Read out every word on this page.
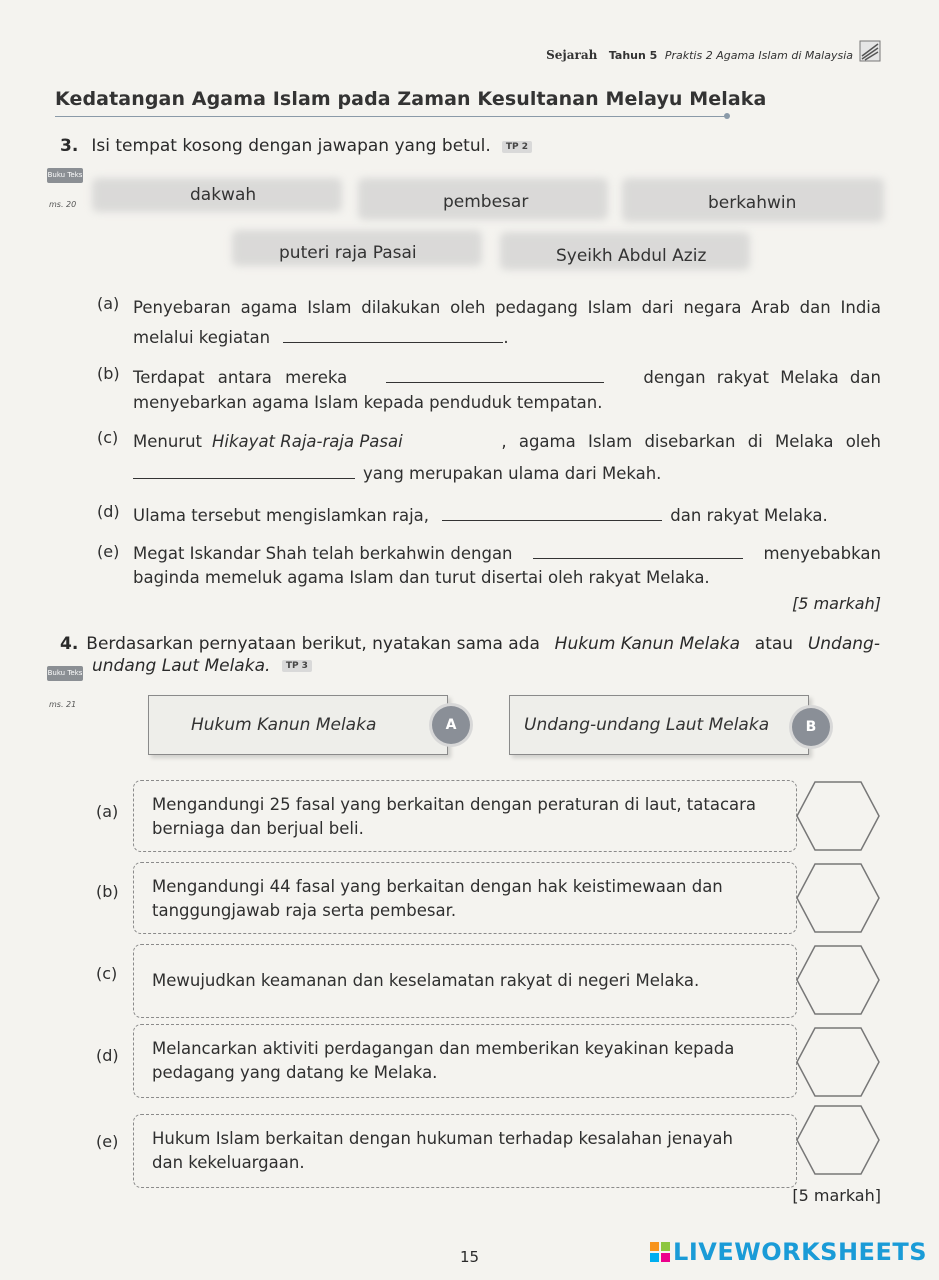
Sejarah Tahun 5 Praktis 2 Agama Islam di Malaysia
Kedatangan Agama Islam pada Zaman Kesultanan Melayu Melaka
3. Isi tempat kosong dengan jawapan yang betul. TP 2
Buku Teks
ms. 20	dakwah	pembesar	berkahwin
puteri raja Pasai	Syeikh Abdul Aziz
(a) Penyebaran agama Islam dilakukan oleh pedagang Islam dari negara Arab dan India
melalui kegiatan	.
(b) Terdapat antara mereka	dengan rakyat Melaka dan
menyebarkan agama Islam kepada penduduk tempatan.
(c) Menurut Hikayat Raja-raja Pasai	, agama Islam disebarkan di Melaka oleh
yang merupakan ulama dari Mekah.
(d) Ulama tersebut mengislamkan raja,	dan rakyat Melaka.
(e) Megat Iskandar Shah telah berkahwin dengan	menyebabkan
baginda memeluk agama Islam dan turut disertai oleh rakyat Melaka.
[5 markah]
4. Berdasarkan pernyataan berikut, nyatakan sama ada Hukum Kanun Melaka atau Undang-
undang Laut Melaka. TP 3
Buku Teks
ms. 21
Hukum Kanun Melaka	A	Undang-undang Laut Melaka	B
(a) Mengandungi 25 fasal yang berkaitan dengan peraturan di laut, tatacara
berniaga dan berjual beli.
(b) Mengandungi 44 fasal yang berkaitan dengan hak keistimewaan dan
tanggungjawab raja serta pembesar.
(c) Mewujudkan keamanan dan keselamatan rakyat di negeri Melaka.
(d) Melancarkan aktiviti perdagangan dan memberikan keyakinan kepada
pedagang yang datang ke Melaka.
(e) Hukum Islam berkaitan dengan hukuman terhadap kesalahan jenayah
dan kekeluargaan.
[5 markah]
15	LIVEWORKSHEETS
